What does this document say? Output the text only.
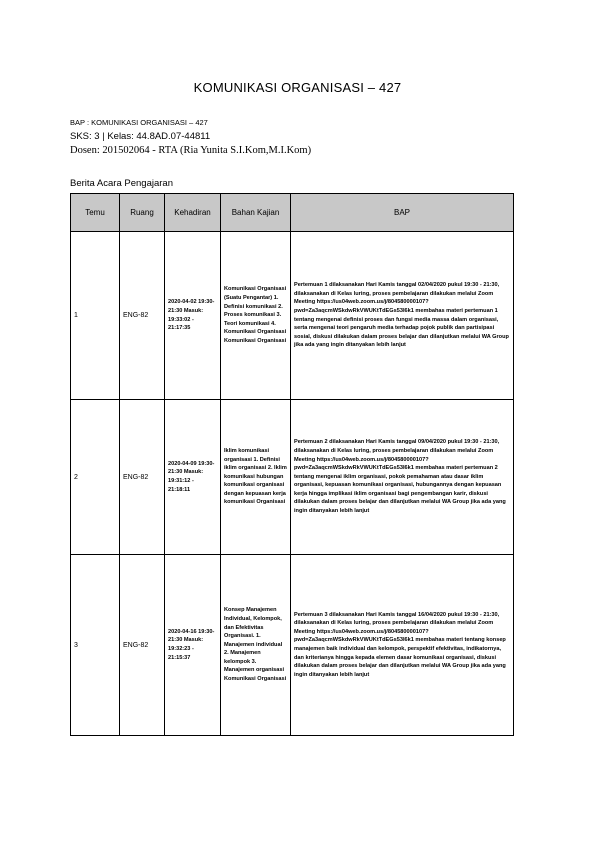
KOMUNIKASI ORGANISASI – 427
BAP : KOMUNIKASI ORGANISASI – 427
SKS: 3 | Kelas: 44.8AD.07-44811
Dosen: 201502064 - RTA (Ria Yunita S.I.Kom,M.I.Kom)
Berita Acara Pengajaran
Temu	Ruang	Kehadiran	Bahan Kajian	BAP
1	ENG-82	2020-04-02 19:30-21:30 Masuk: 19:33:02 - 21:17:35	Komunikasi Organisasi (Suatu Pengantar) 1. Definisi komunikasi 2. Proses komunikasi 3. Teori komunikasi 4. Komunikasi Organisasi Komunikasi Organisasi	Pertemuan 1 dilaksanakan Hari Kamis tanggal 02/04/2020 pukul 19:30 - 21:30, dilaksanakan di Kelas luring, proses pembelajaran dilakukan melalui Zoom Meeting https://us04web.zoom.us/j/804580000107?pwd=Za3aqcmWSkdwRkVWUKtTdEGs53I6k1 membahas materi pertemuan 1 tentang mengenai definisi proses dan fungsi media massa dalam organisasi, serta mengenai teori pengaruh media terhadap pojok publik dan partisipasi sosial, diskusi dilakukan dalam proses belajar dan dilanjutkan melalui WA Group jika ada yang ingin ditanyakan lebih lanjut
2	ENG-82	2020-04-09 19:30-21:30 Masuk: 19:31:12 - 21:18:11	Iklim komunikasi organisasi 1. Definisi iklim organisasi 2. Iklim komunikasi hubungan komunikasi organisasi dengan kepuasan kerja komunikasi Organisasi	Pertemuan 2 dilaksanakan Hari Kamis tanggal 09/04/2020 pukul 19:30 - 21:30, dilaksanakan di Kelas luring, proses pembelajaran dilakukan melalui Zoom Meeting https://us04web.zoom.us/j/804580000107?pwd=Za3aqcmWSkdwRkVWUKtTdEGs53I6k1 membahas materi pertemuan 2 tentang mengenai iklim organisasi, pokok pemahaman atau dasar iklim organisasi, kepuasan komunikasi organisasi, hubungannya dengan kepuasan kerja hingga implikasi iklim organisasi bagi pengembangan karir, diskusi dilakukan dalam proses belajar dan dilanjutkan melalui WA Group jika ada yang ingin ditanyakan lebih lanjut
3	ENG-82	2020-04-16 19:30-21:30 Masuk: 19:32:23 - 21:15:37	Konsep Manajemen Individual, Kelompok, dan Efektivitas Organisasi. 1. Manajemen individual 2. Manajemen kelompok 3. Manajemen organisasi Komunikasi Organisasi	Pertemuan 3 dilaksanakan Hari Kamis tanggal 16/04/2020 pukul 19:30 - 21:30, dilaksanakan di Kelas luring, proses pembelajaran dilakukan melalui Zoom Meeting https://us04web.zoom.us/j/804580000107?pwd=Za3aqcmWSkdwRkVWUKtTdEGs53I6k1 membahas materi tentang konsep manajemen baik individual dan kelompok, perspektif efektivitas, indikatornya, dan kriterianya hingga kepada elemen dasar komunikasi organisasi, diskusi dilakukan dalam proses belajar dan dilanjutkan melalui WA Group jika ada yang ingin ditanyakan lebih lanjut
